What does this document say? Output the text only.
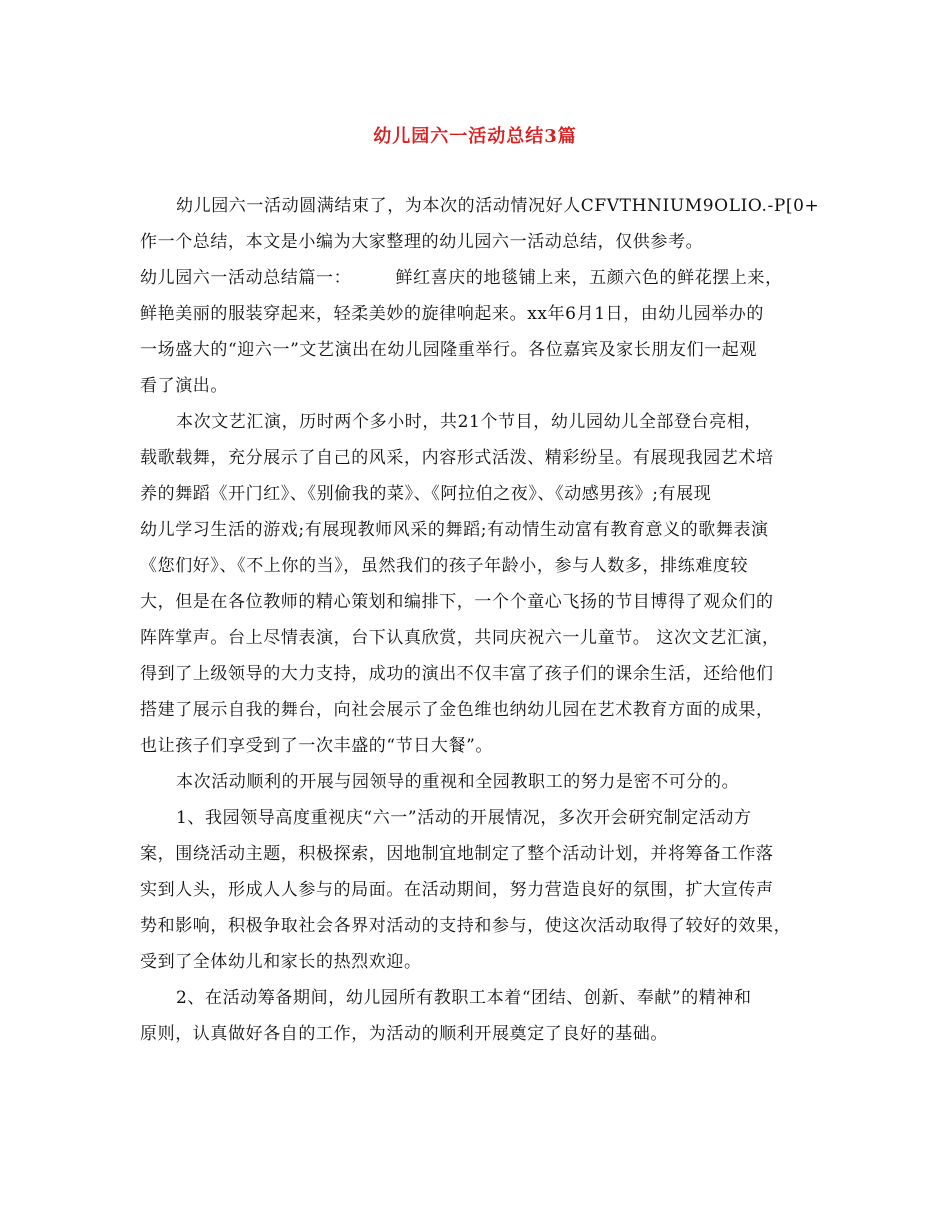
幼儿园六一活动总结3篇
幼儿园六一活动圆满结束了，为本次的活动情况好人CFVTHNIUM9OLIO.-P[0+
作一个总结，本文是小编为大家整理的幼儿园六一活动总结，仅供参考。
幼儿园六一活动总结篇一：　　　鲜红喜庆的地毯铺上来，五颜六色的鲜花摆上来，
鲜艳美丽的服装穿起来，轻柔美妙的旋律响起来。xx年6月1日，由幼儿园举办的
一场盛大的“迎六一”文艺演出在幼儿园隆重举行。各位嘉宾及家长朋友们一起观
看了演出。
本次文艺汇演，历时两个多小时，共21个节目，幼儿园幼儿全部登台亮相，
载歌载舞，充分展示了自己的风采，内容形式活泼、精彩纷呈。有展现我园艺术培
养的舞蹈《开门红》、《别偷我的菜》、《阿拉伯之夜》、《动感男孩》;有展现
幼儿学习生活的游戏;有展现教师风采的舞蹈;有动情生动富有教育意义的歌舞表演
《您们好》、《不上你的当》，虽然我们的孩子年龄小，参与人数多，排练难度较
大，但是在各位教师的精心策划和编排下，一个个童心飞扬的节目博得了观众们的
阵阵掌声。台上尽情表演，台下认真欣赏，共同庆祝六一儿童节。 这次文艺汇演，
得到了上级领导的大力支持，成功的演出不仅丰富了孩子们的课余生活，还给他们
搭建了展示自我的舞台，向社会展示了金色维也纳幼儿园在艺术教育方面的成果，
也让孩子们享受到了一次丰盛的“节日大餐”。
本次活动顺利的开展与园领导的重视和全园教职工的努力是密不可分的。
1、我园领导高度重视庆“六一”活动的开展情况，多次开会研究制定活动方
案，围绕活动主题，积极探索，因地制宜地制定了整个活动计划，并将筹备工作落
实到人头，形成人人参与的局面。在活动期间，努力营造良好的氛围，扩大宣传声
势和影响，积极争取社会各界对活动的支持和参与，使这次活动取得了较好的效果，
受到了全体幼儿和家长的热烈欢迎。
2、在活动筹备期间，幼儿园所有教职工本着“团结、创新、奉献”的精神和
原则，认真做好各自的工作，为活动的顺利开展奠定了良好的基础。
